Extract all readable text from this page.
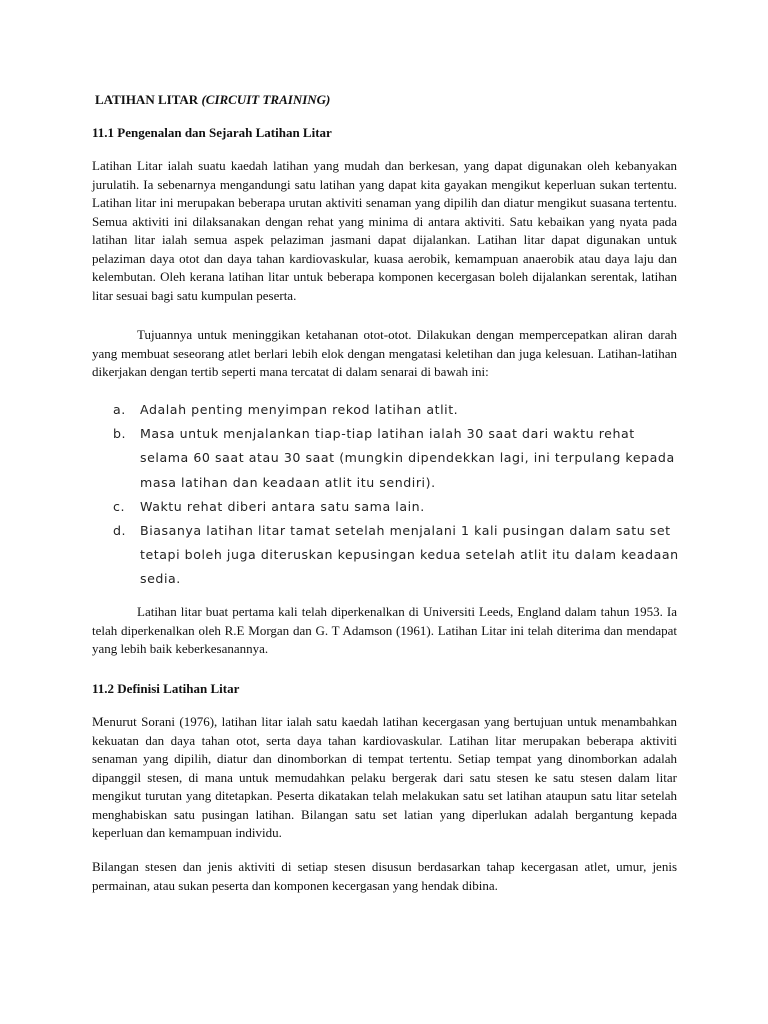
LATIHAN LITAR (CIRCUIT TRAINING)
11.1 Pengenalan dan Sejarah Latihan Litar

Latihan Litar ialah suatu kaedah latihan yang mudah dan berkesan, yang dapat digunakan oleh kebanyakan jurulatih. Ia sebenarnya mengandungi satu latihan yang dapat kita gayakan mengikut keperluan sukan tertentu. Latihan litar ini merupakan beberapa urutan aktiviti senaman yang dipilih dan diatur mengikut suasana tertentu. Semua aktiviti ini dilaksanakan dengan rehat yang minima di antara aktiviti. Satu kebaikan yang nyata pada latihan litar ialah semua aspek pelaziman jasmani dapat dijalankan. Latihan litar dapat digunakan untuk pelaziman daya otot dan daya tahan kardiovaskular, kuasa aerobik, kemampuan anaerobik atau daya laju dan kelembutan. Oleh kerana latihan litar untuk beberapa komponen kecergasan boleh dijalankan serentak, latihan litar sesuai bagi satu kumpulan peserta.

Tujuannya untuk meninggikan ketahanan otot-otot. Dilakukan dengan mempercepatkan aliran darah yang membuat seseorang atlet berlari lebih elok dengan mengatasi keletihan dan juga kelesuan. Latihan-latihan dikerjakan dengan tertib seperti mana tercatat di dalam senarai di bawah ini:

a. Adalah penting menyimpan rekod latihan atlit.
b. Masa untuk menjalankan tiap-tiap latihan ialah 30 saat dari waktu rehat selama 60 saat atau 30 saat (mungkin dipendekkan lagi, ini terpulang kepada masa latihan dan keadaan atlit itu sendiri).
c. Waktu rehat diberi antara satu sama lain.
d. Biasanya latihan litar tamat setelah menjalani 1 kali pusingan dalam satu set tetapi boleh juga diteruskan kepusingan kedua setelah atlit itu dalam keadaan sedia.

Latihan litar buat pertama kali telah diperkenalkan di Universiti Leeds, England dalam tahun 1953. Ia telah diperkenalkan oleh R.E Morgan dan G. T Adamson (1961). Latihan Litar ini telah diterima dan mendapat yang lebih baik keberkesanannya.

11.2 Definisi Latihan Litar

Menurut Sorani (1976), latihan litar ialah satu kaedah latihan kecergasan yang bertujuan untuk menambahkan kekuatan dan daya tahan otot, serta daya tahan kardiovaskular. Latihan litar merupakan beberapa aktiviti senaman yang dipilih, diatur dan dinomborkan di tempat tertentu. Setiap tempat yang dinomborkan adalah dipanggil stesen, di mana untuk memudahkan pelaku bergerak dari satu stesen ke satu stesen dalam litar mengikut turutan yang ditetapkan. Peserta dikatakan telah melakukan satu set latihan ataupun satu litar setelah menghabiskan satu pusingan latihan. Bilangan satu set latian yang diperlukan adalah bergantung kepada keperluan dan kemampuan individu.

Bilangan stesen dan jenis aktiviti di setiap stesen disusun berdasarkan tahap kecergasan atlet, umur, jenis permainan, atau sukan peserta dan komponen kecergasan yang hendak dibina.
